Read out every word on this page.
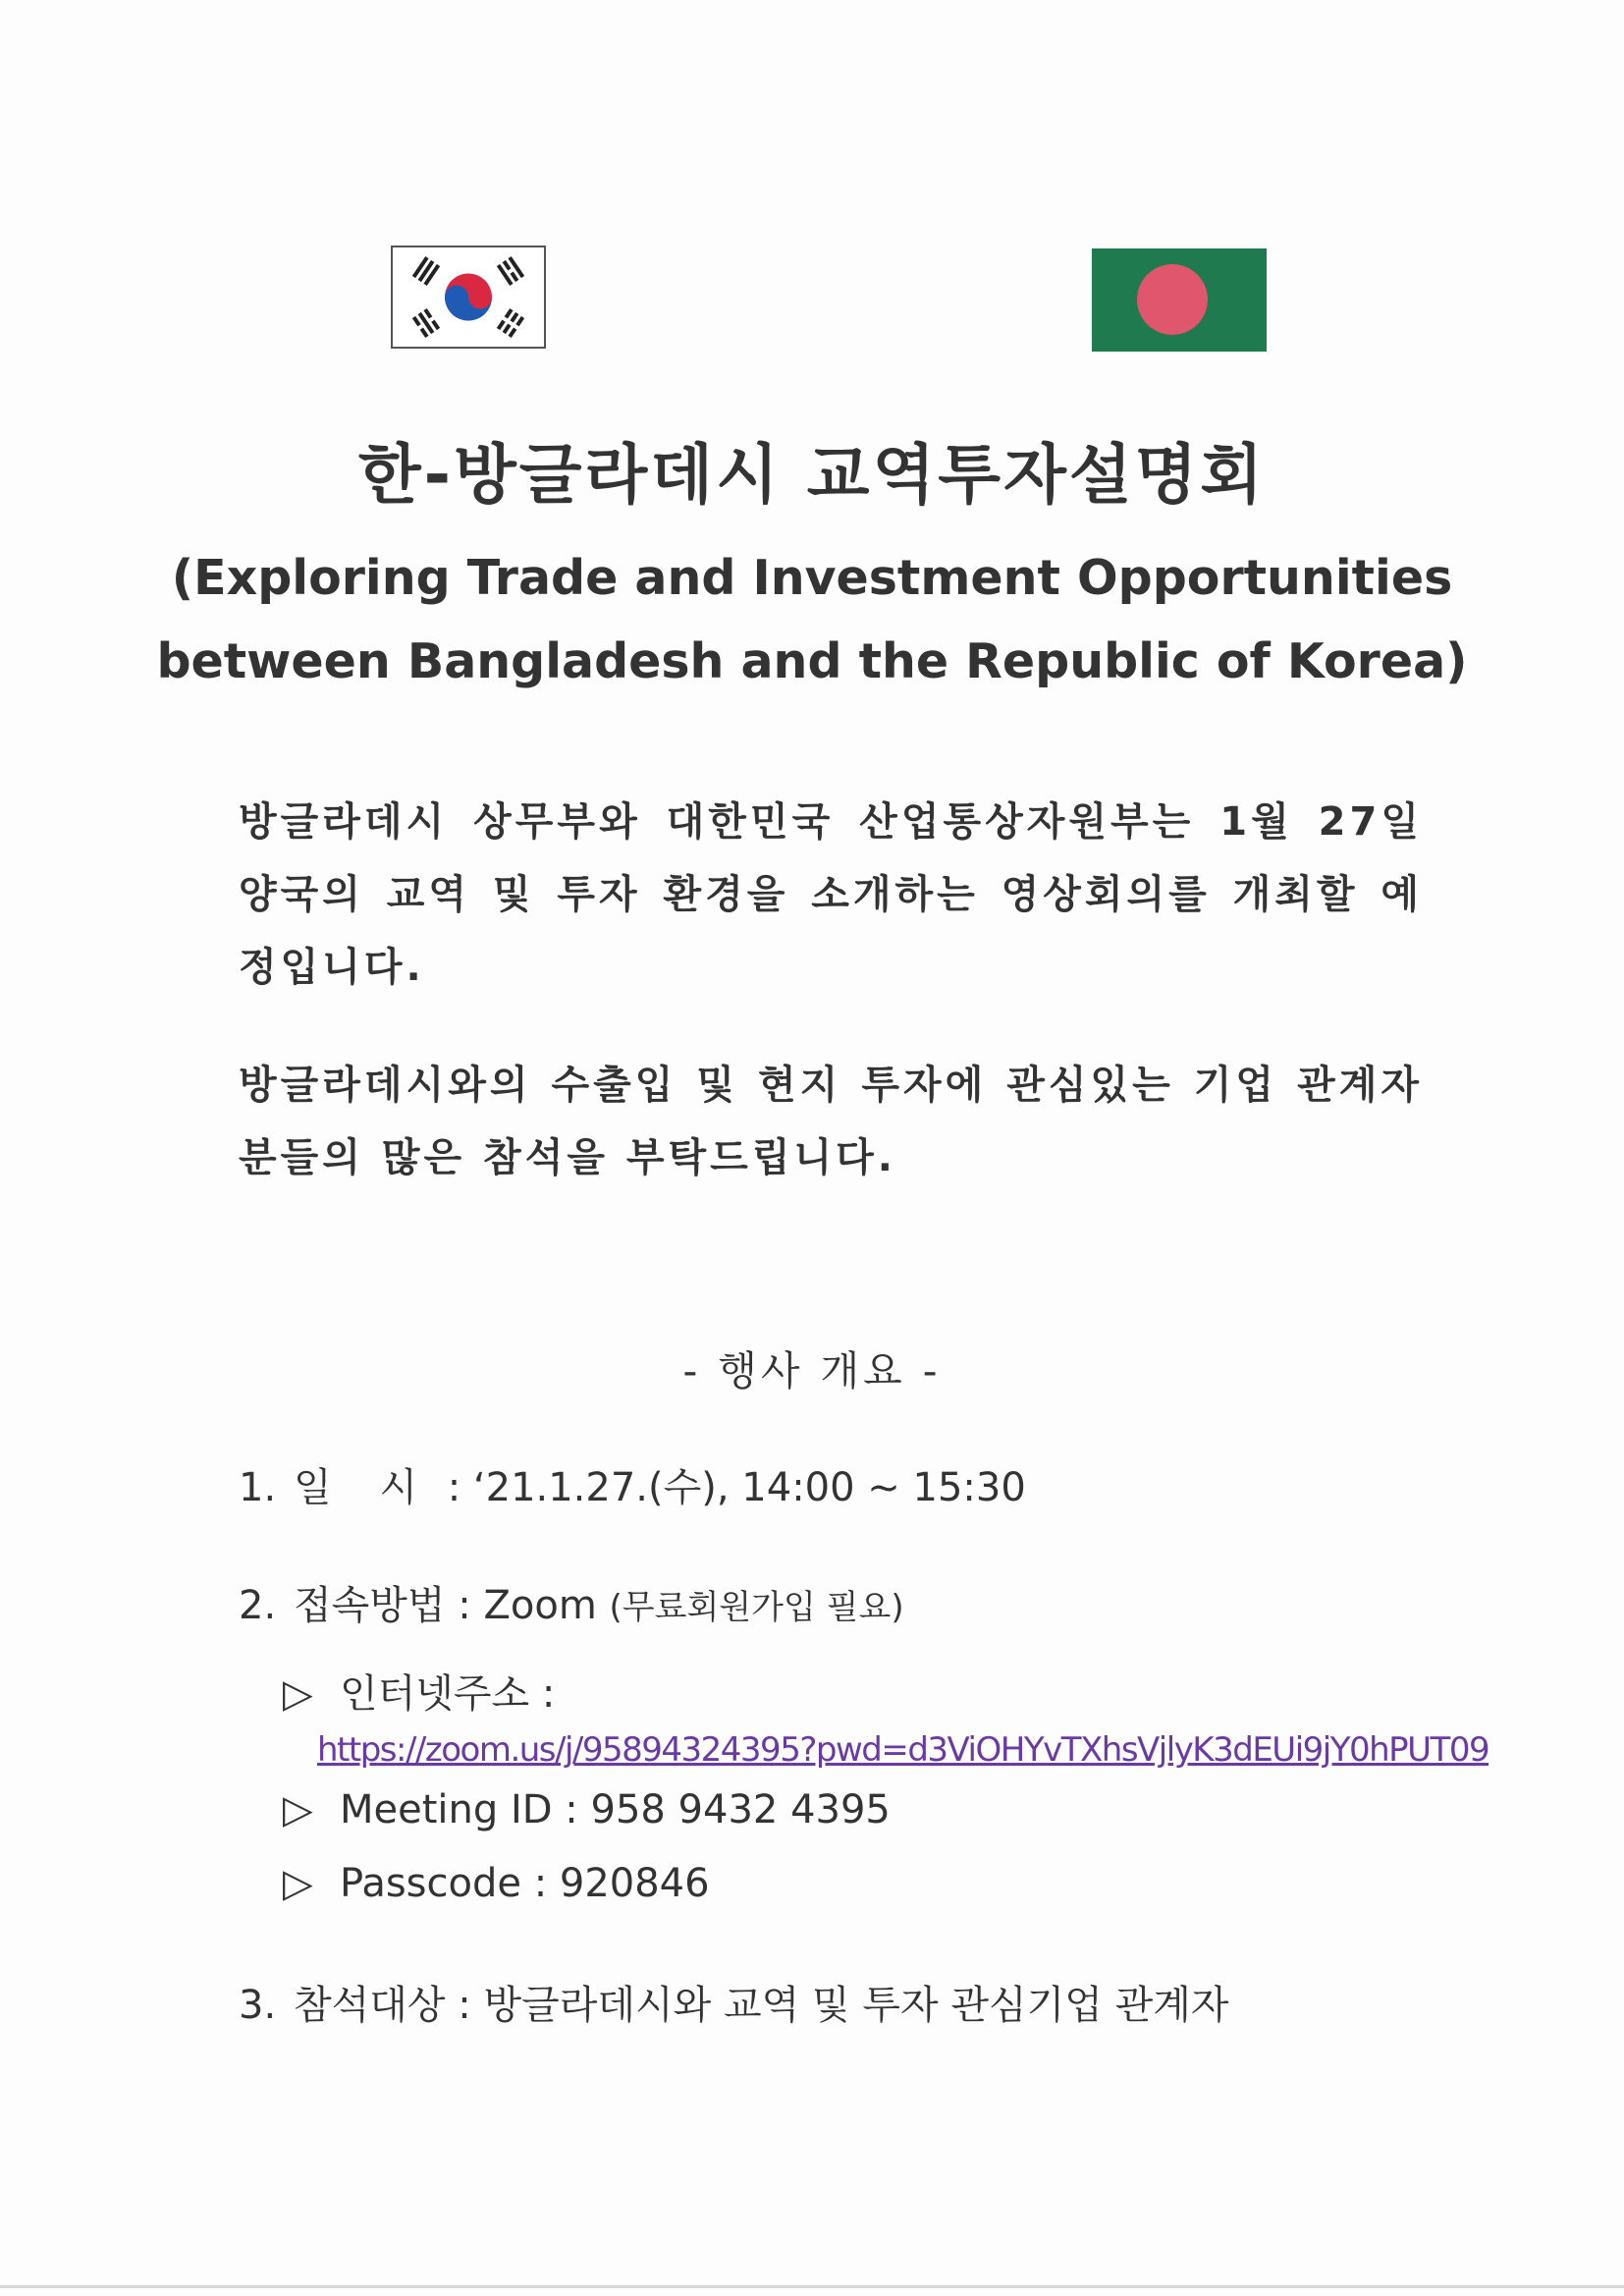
한-방글라데시 교역투자설명회
(Exploring Trade and Investment Opportunities
between Bangladesh and the Republic of Korea)
방글라데시 상무부와 대한민국 산업통상자원부는 1월 27일 양국의 교역 및 투자 환경을 소개하는 영상회의를 개최할 예정입니다.
방글라데시와의 수출입 및 현지 투자에 관심있는 기업 관계자분들의 많은 참석을 부탁드립니다.
- 행사 개요 -
1. 일 시 : ‘21.1.27.(수), 14:00 ~ 15:30
2. 접속방법 : Zoom (무료회원가입 필요)
▷ 인터넷주소 :
https://zoom.us/j/95894324395?pwd=d3ViOHYvTXhsVjlyK3dEUi9jY0hPUT09
▷ Meeting ID : 958 9432 4395
▷ Passcode : 920846
3. 참석대상 : 방글라데시와 교역 및 투자 관심기업 관계자
